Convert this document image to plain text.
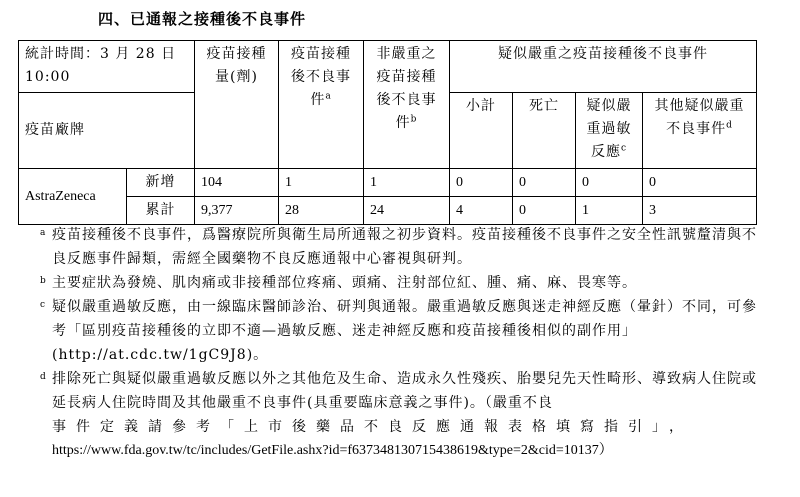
四、已通報之接種後不良事件
統計時間：3 月 28 日 10:00		疫苗接種量(劑)	疫苗接種後不良事件$^a$	非嚴重之疫苗接種後不良事件$^b$	疑似嚴重之疫苗接種後不良事件			
疫苗廠牌					小計	死亡	疑似嚴重過敏反應$^c$	其他疑似嚴重不良事件$^d$
AstraZeneca	新增	104	1	1	0	0	0	0
	累計	9,377	28	24	4	0	1	3
a 疫苗接種後不良事件，爲醫療院所與衛生局所通報之初步資料。疫苗接種後不良事件之安全性訊號釐清與不良反應事件歸類，需經全國藥物不良反應通報中心審視與研判。
b 主要症狀為發燒、肌肉痛或非接種部位疼痛、頭痛、注射部位紅、腫、痛、麻、畏寒等。
c 疑似嚴重過敏反應，由一線臨床醫師診治、研判與通報。嚴重過敏反應與迷走神經反應（暈針）不同，可參考「區別疫苗接種後的立即不適—過敏反應、迷走神經反應和疫苗接種後相似的副作用」(http://at.cdc.tw/1gC9J8)。
d 排除死亡與疑似嚴重過敏反應以外之其他危及生命、造成永久性殘疾、胎嬰兒先天性畸形、導致病人住院或延長病人住院時間及其他嚴重不良事件(具重要臨床意義之事件)。（嚴重不良
事件定義請參考「上市後藥品不良反應通報表格填寫指引」，
https://www.fda.gov.tw/tc/includes/GetFile.ashx?id=f637348130715438619&type=2&cid=10137）
